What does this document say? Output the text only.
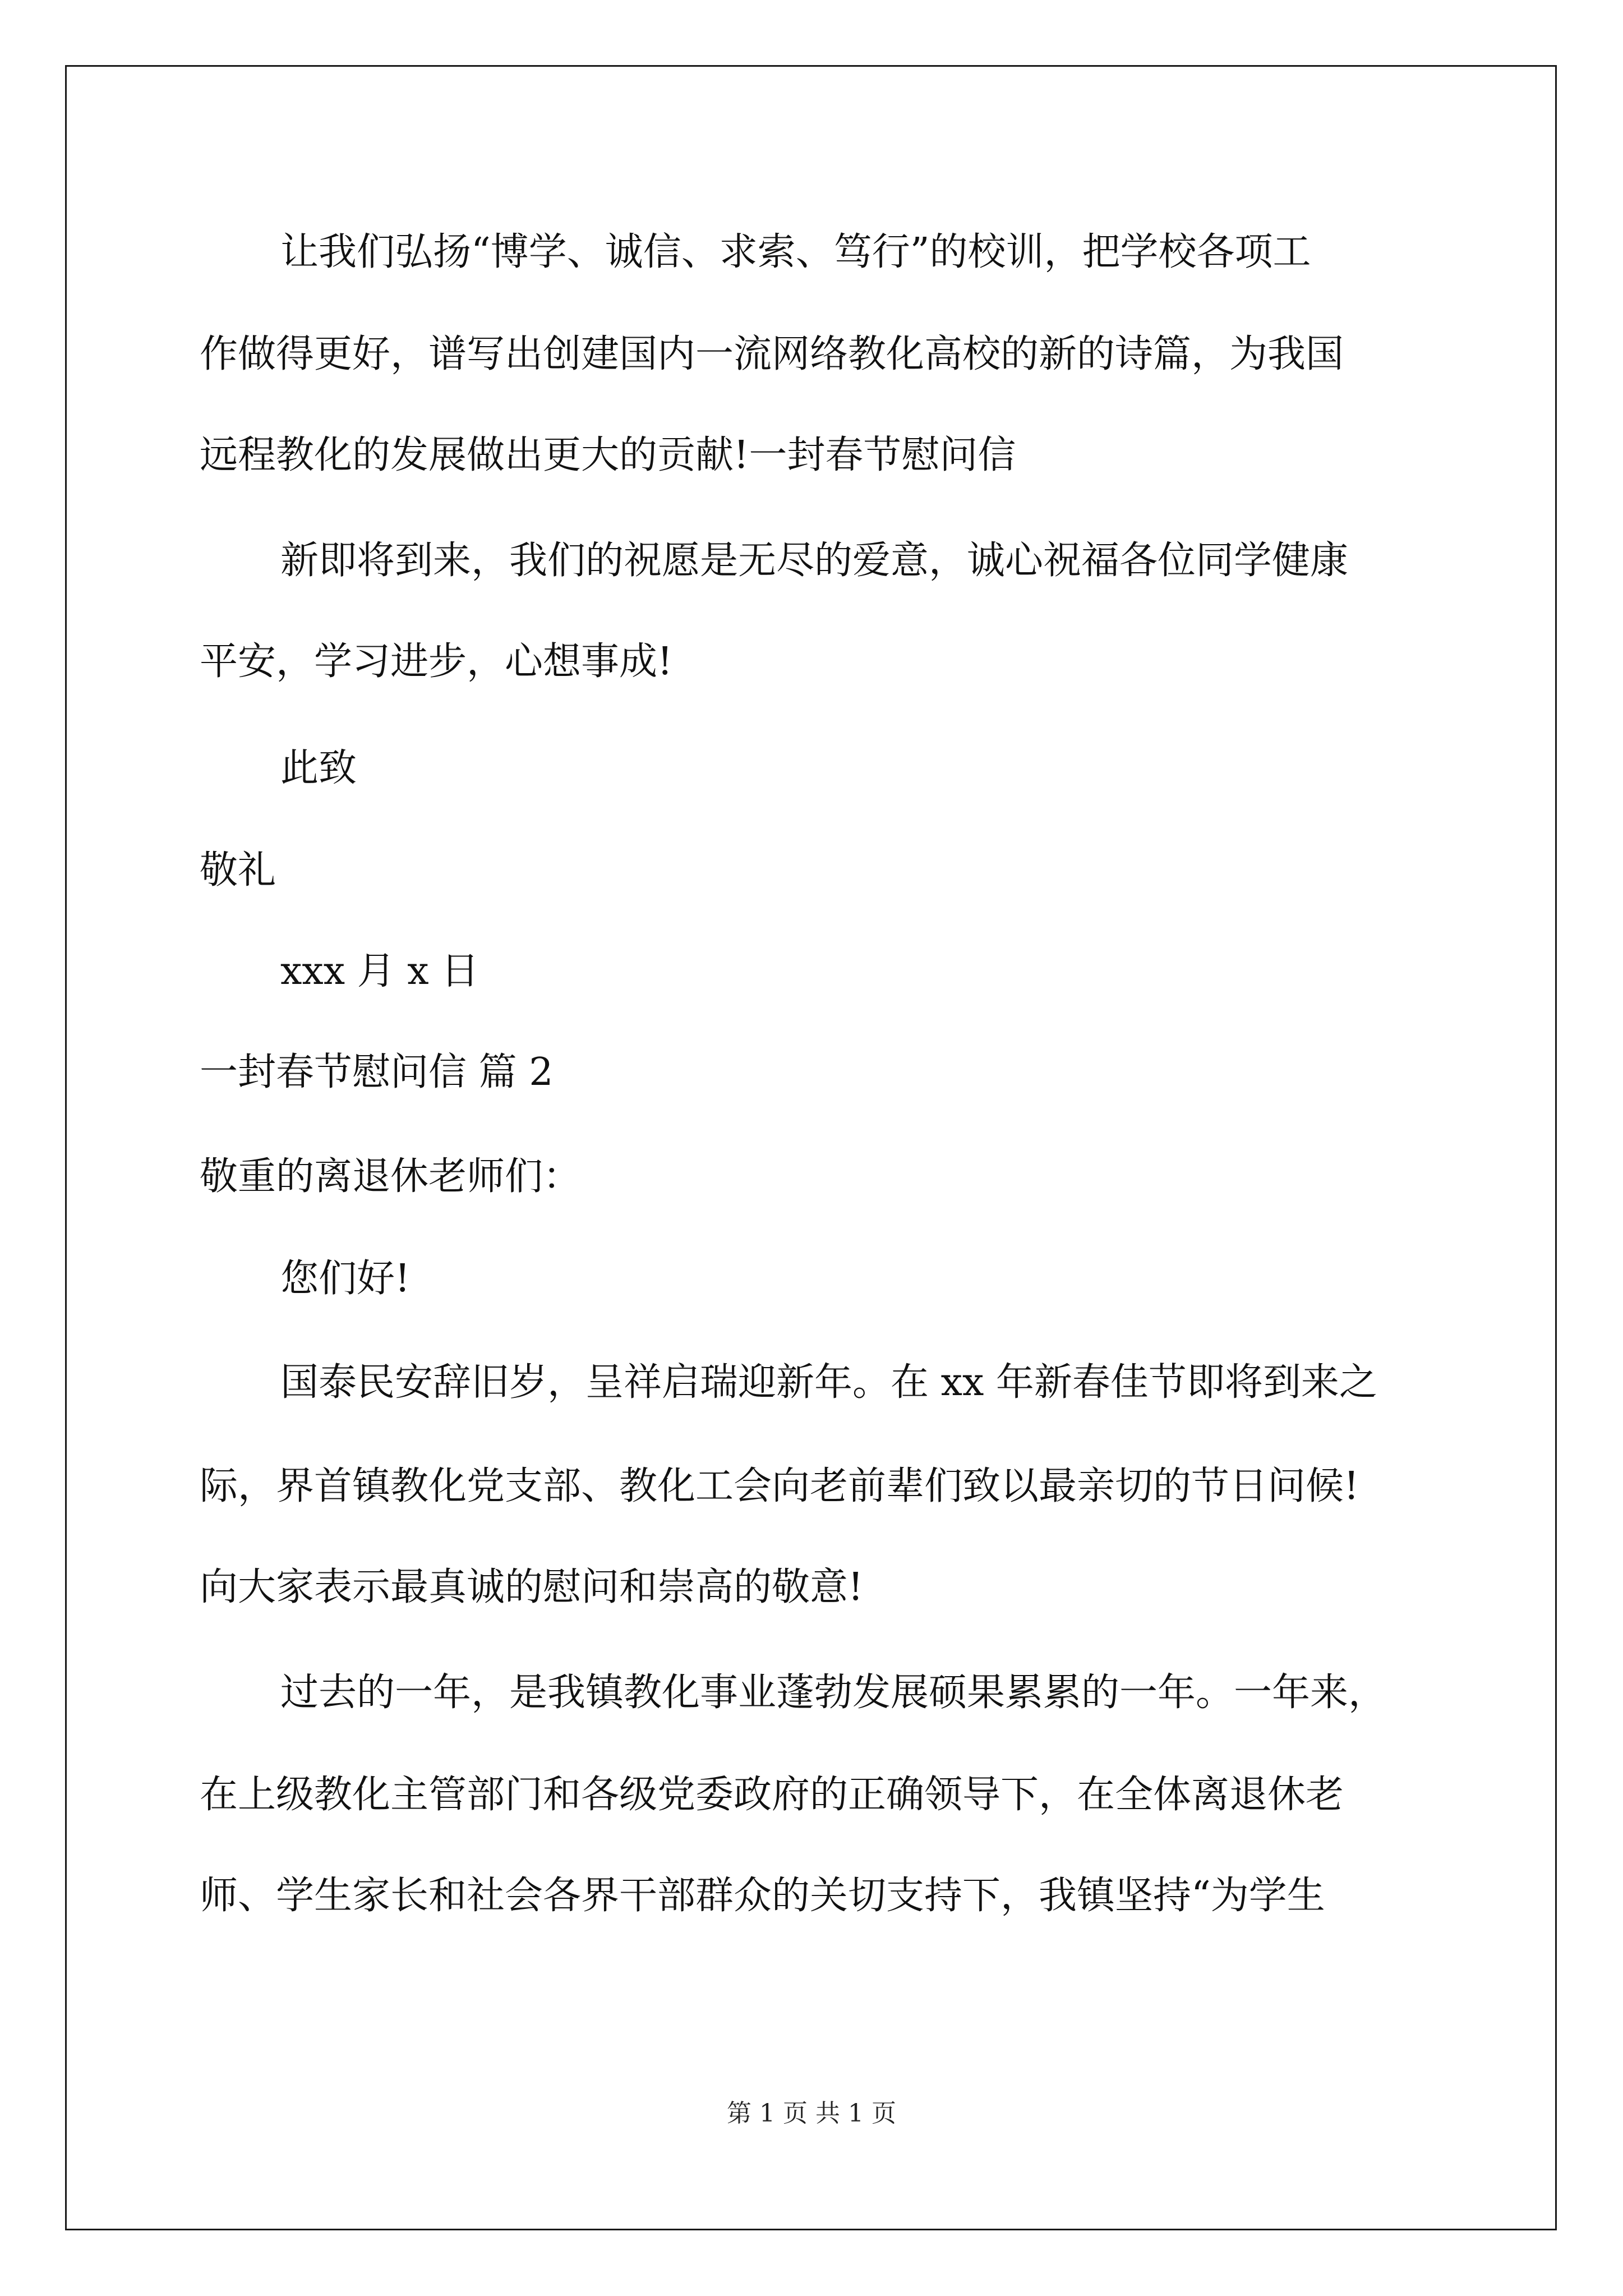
让我们弘扬“博学、诚信、求索、笃行”的校训，把学校各项工
作做得更好，谱写出创建国内一流网络教化高校的新的诗篇，为我国
远程教化的发展做出更大的贡献!一封春节慰问信
新即将到来，我们的祝愿是无尽的爱意，诚心祝福各位同学健康
平安，学习进步，心想事成!
此致
敬礼
xxx 月 x 日
一封春节慰问信 篇 2
敬重的离退休老师们：
您们好!
国泰民安辞旧岁，呈祥启瑞迎新年。在 xx 年新春佳节即将到来之
际，界首镇教化党支部、教化工会向老前辈们致以最亲切的节日问候!
向大家表示最真诚的慰问和崇高的敬意!
过去的一年，是我镇教化事业蓬勃发展硕果累累的一年。一年来，
在上级教化主管部门和各级党委政府的正确领导下，在全体离退休老
师、学生家长和社会各界干部群众的关切支持下，我镇坚持“为学生
第 1 页 共 1 页
